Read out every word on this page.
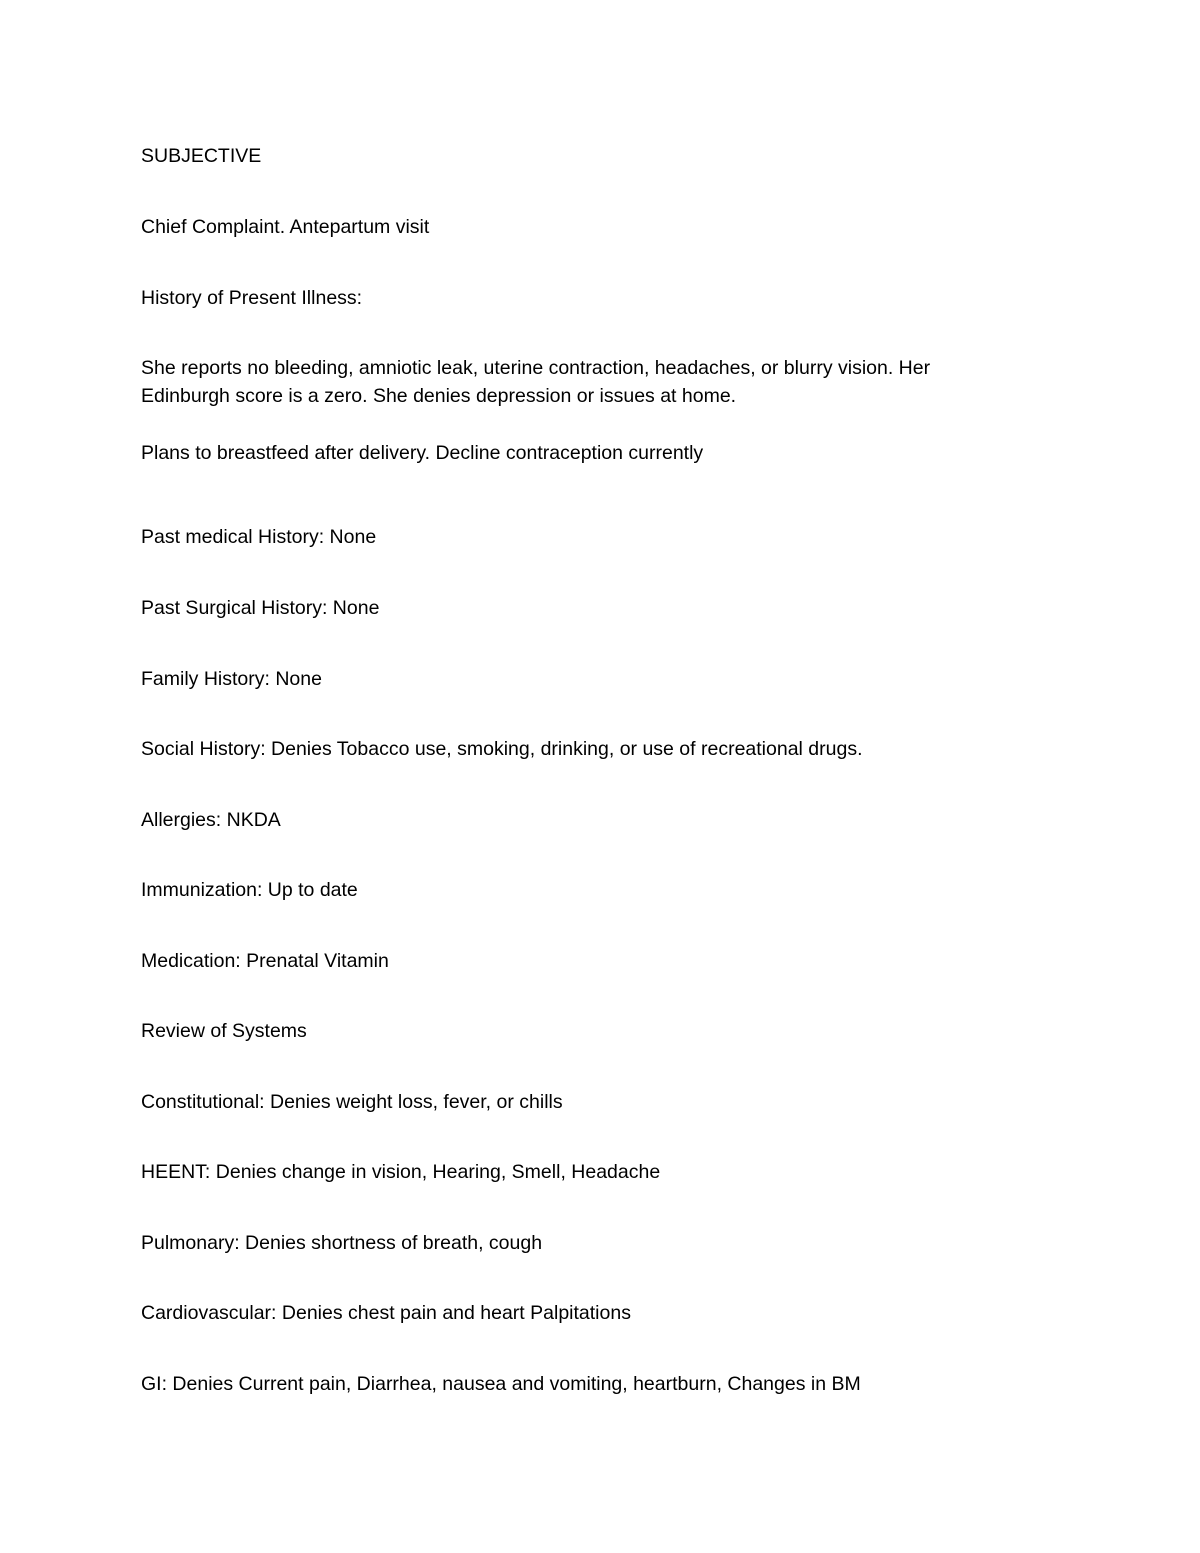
SUBJECTIVE

Chief Complaint. Antepartum visit

History of Present Illness:

She reports no bleeding, amniotic leak, uterine contraction, headaches, or blurry vision. Her

Edinburgh score is a zero. She denies depression or issues at home.

Plans to breastfeed after delivery. Decline contraception currently

Past medical History: None

Past Surgical History: None

Family History: None

Social History: Denies Tobacco use, smoking, drinking, or use of recreational drugs.

Allergies: NKDA

Immunization: Up to date

Medication: Prenatal Vitamin

Review of Systems

Constitutional: Denies weight loss, fever, or chills

HEENT: Denies change in vision, Hearing, Smell, Headache

Pulmonary: Denies shortness of breath, cough

Cardiovascular: Denies chest pain and heart Palpitations

GI: Denies Current pain, Diarrhea, nausea and vomiting, heartburn, Changes in BM
